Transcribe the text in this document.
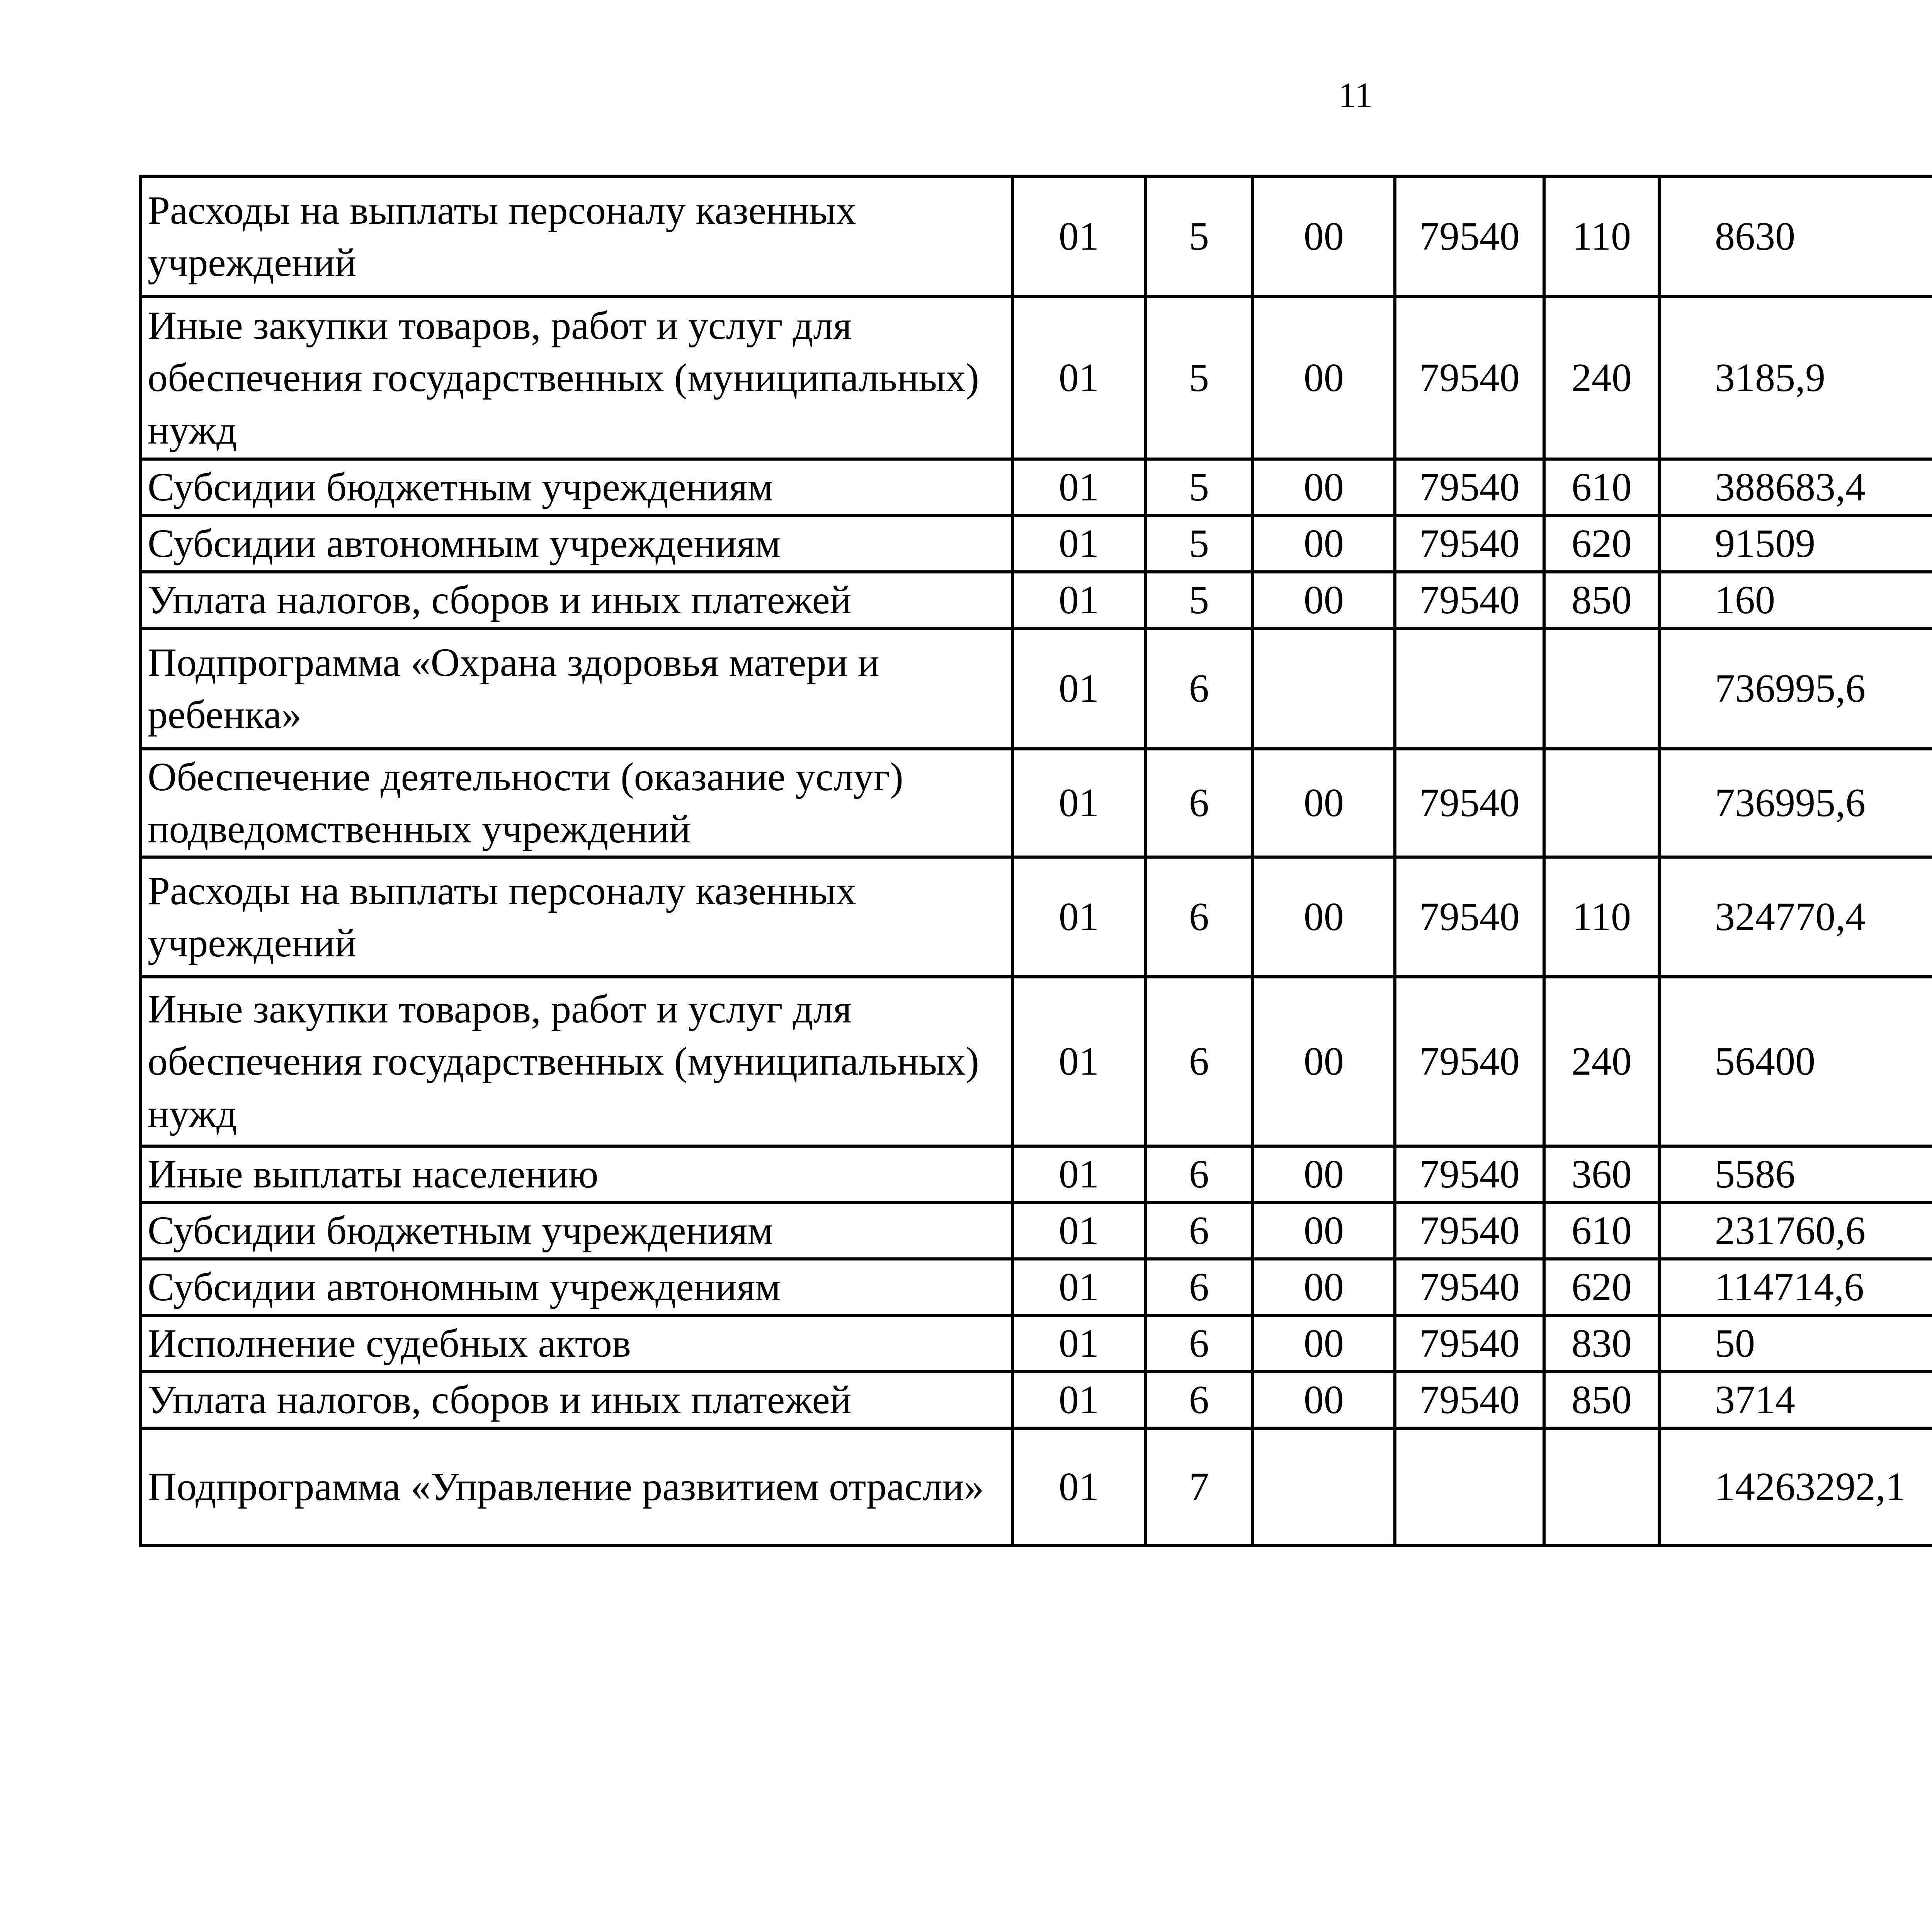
11
Расходы на выплаты персоналу казенных учреждений	01	5	00	79540	110	8630		
Иные закупки товаров, работ и услуг для обеспечения государственных (муниципальных) нужд	01	5	00	79540	240	3185,9		
Субсидии бюджетным учреждениям	01	5	00	79540	610	388683,4		
Субсидии автономным учреждениям	01	5	00	79540	620	91509		
Уплата налогов, сборов и иных платежей	01	5	00	79540	850	160		
Подпрограмма «Охрана здоровья матери и ребенка»	01	6				736995,6		
Обеспечение деятельности (оказание услуг) подведомственных учреждений	01	6	00	79540		736995,6		
Расходы на выплаты персоналу казенных учреждений	01	6	00	79540	110	324770,4		
Иные закупки товаров, работ и услуг для обеспечения государственных (муниципальных) нужд	01	6	00	79540	240	56400		
Иные выплаты населению	01	6	00	79540	360	5586		
Субсидии бюджетным учреждениям	01	6	00	79540	610	231760,6		
Субсидии автономным учреждениям	01	6	00	79540	620	114714,6		
Исполнение судебных актов	01	6	00	79540	830	50		
Уплата налогов, сборов и иных платежей	01	6	00	79540	850	3714		
Подпрограмма «Управление развитием отрасли»	01	7				14263292,1		
